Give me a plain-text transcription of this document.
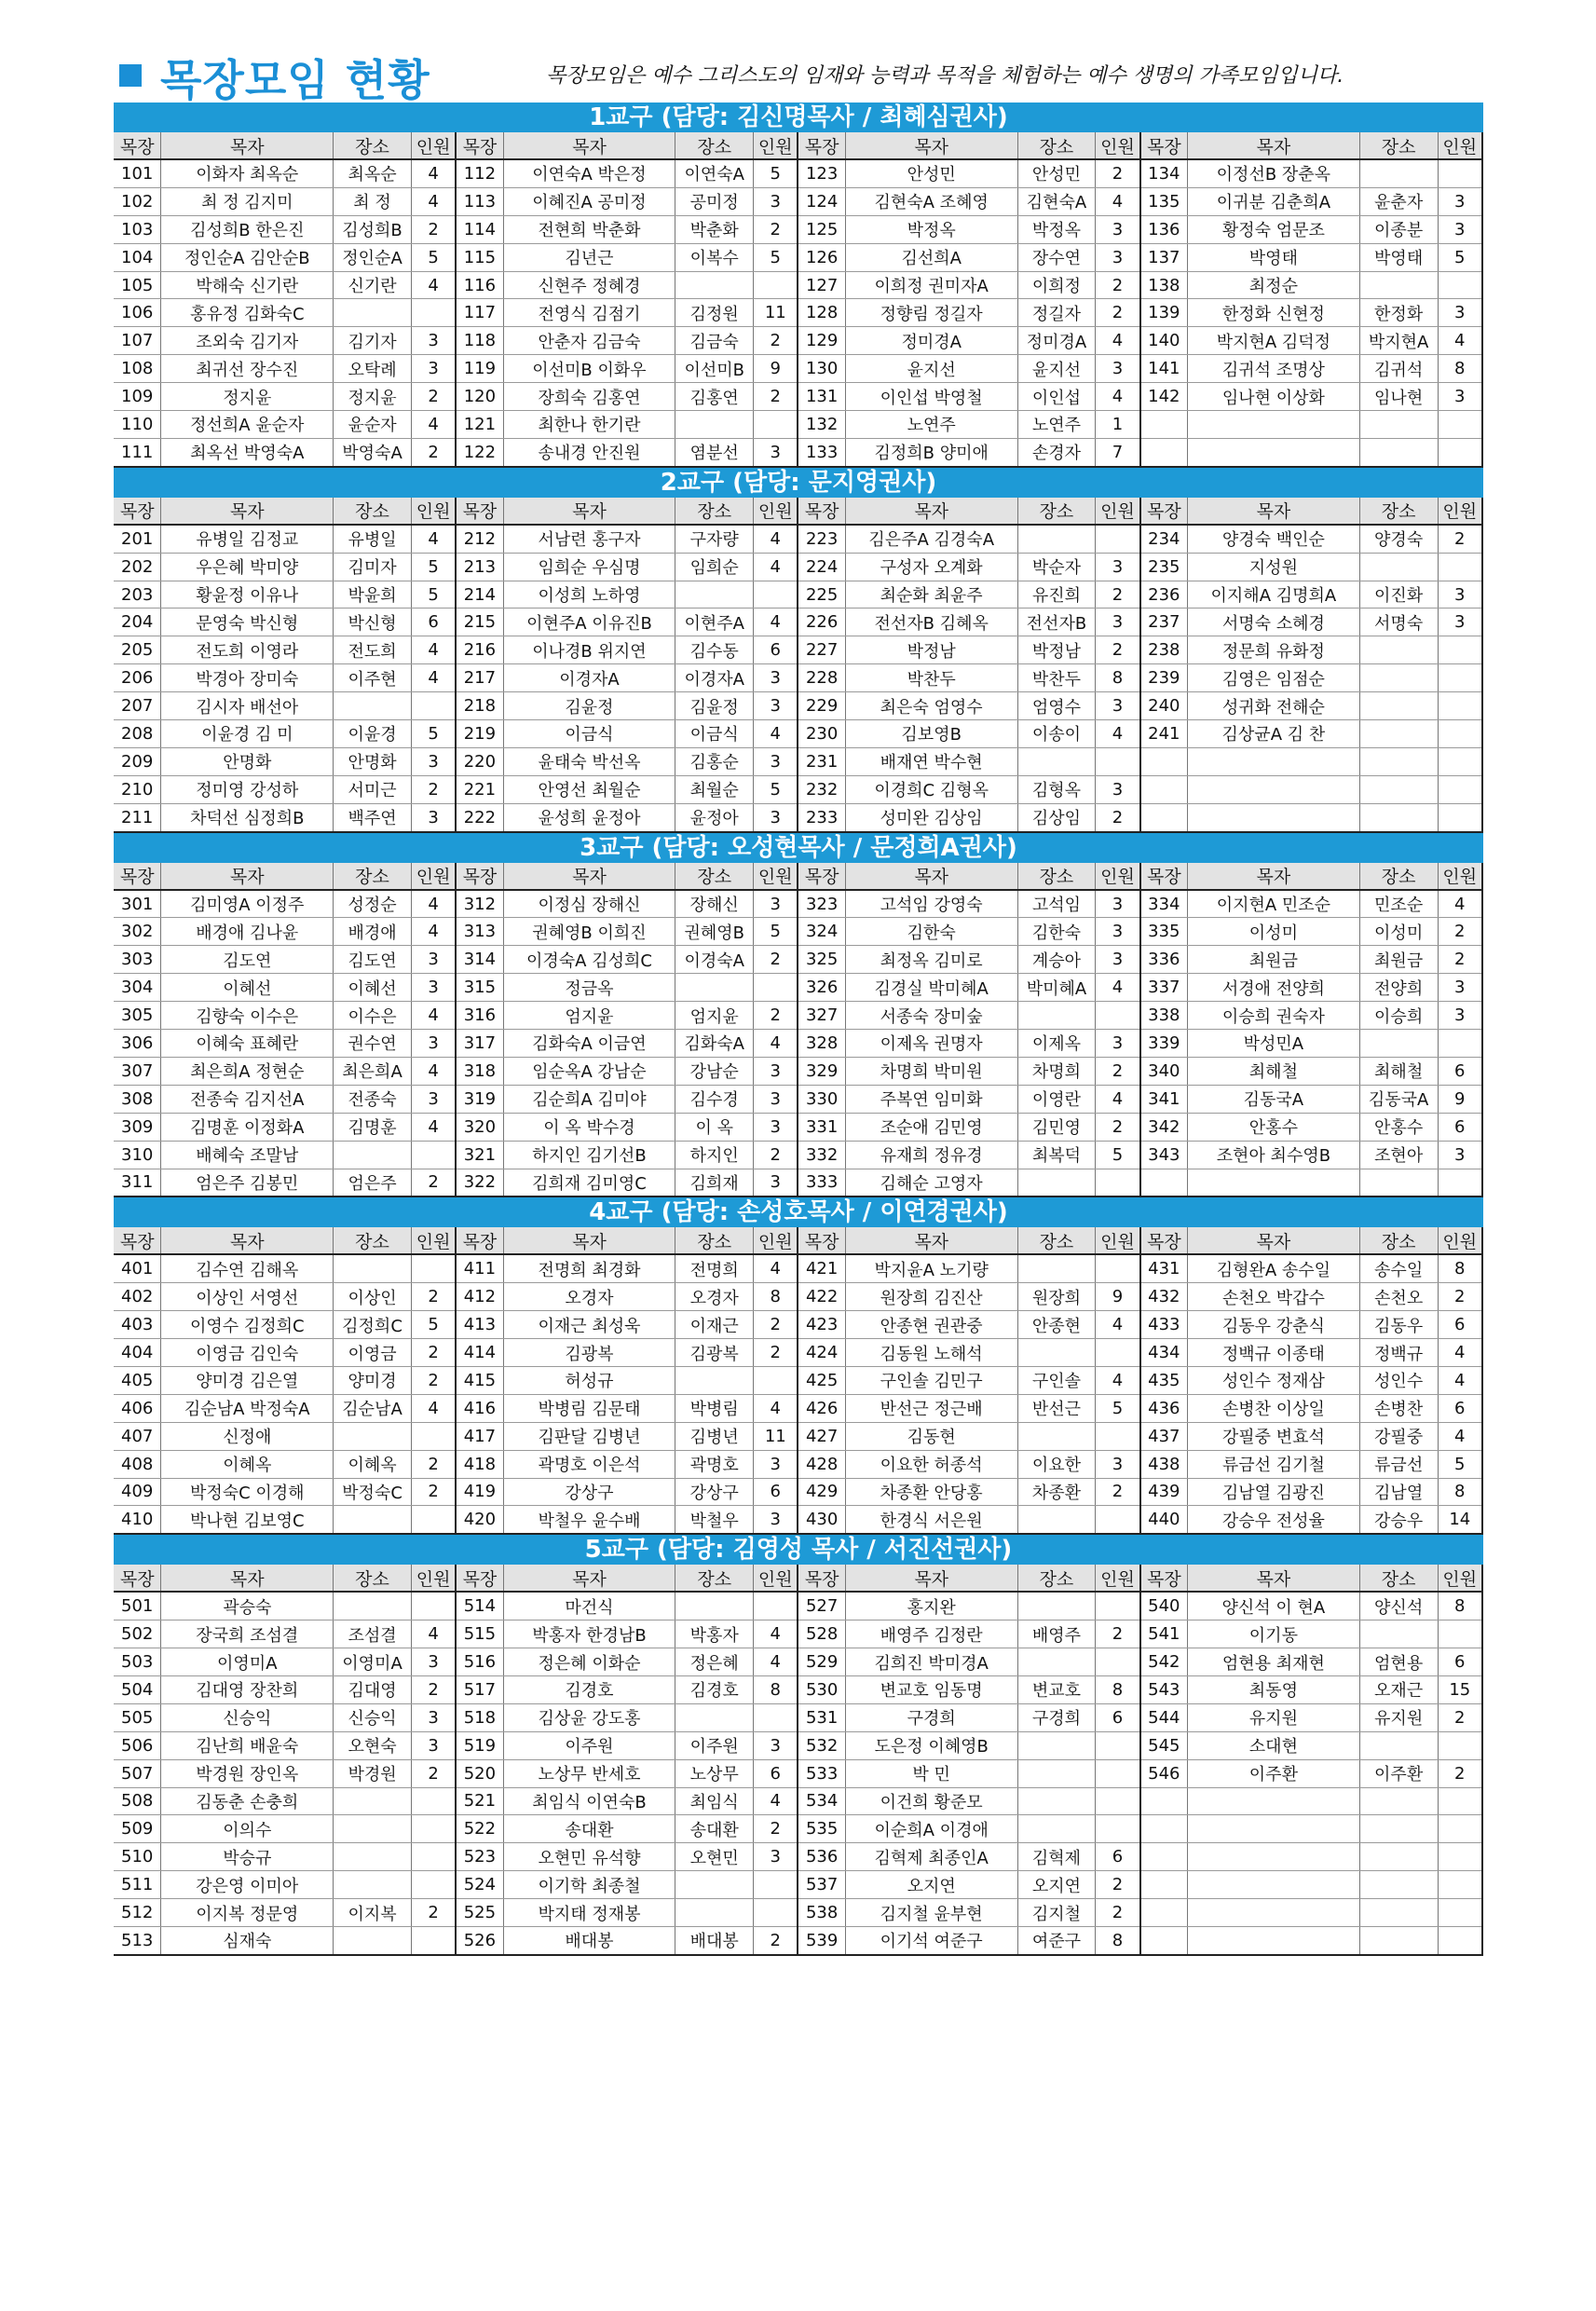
목장모임 현황	목장모임은 예수 그리스도의 임재와 능력과 목적을 체험하는 예수 생명의 가족모임입니다.
1교구 (담당: 김신명목사 / 최혜심권사)
목장	목자	장소	인원	목장	목자	장소	인원	목장	목자	장소	인원	목장	목자	장소	인원
101	이화자 최옥순	최옥순	4	112	이연숙A 박은정	이연숙A	5	123	안성민	안성민	2	134	이정선B 장춘옥		
102	최 정 김지미	최 정	4	113	이혜진A 공미정	공미정	3	124	김현숙A 조혜영	김현숙A	4	135	이귀분 김춘희A	윤춘자	3
103	김성희B 한은진	김성희B	2	114	전현희 박춘화	박춘화	2	125	박정옥	박정옥	3	136	황정숙 엄문조	이종분	3
104	정인순A 김안순B	정인순A	5	115	김년근	이복수	5	126	김선희A	장수연	3	137	박영태	박영태	5
105	박해숙 신기란	신기란	4	116	신현주 정혜경			127	이희정 권미자A	이희정	2	138	최정순		
106	홍유정 김화숙C			117	전영식 김점기	김정원	11	128	정향림 정길자	정길자	2	139	한정화 신현정	한정화	3
107	조외숙 김기자	김기자	3	118	안춘자 김금숙	김금숙	2	129	정미경A	정미경A	4	140	박지현A 김덕정	박지현A	4
108	최귀선 장수진	오탁례	3	119	이선미B 이화우	이선미B	9	130	윤지선	윤지선	3	141	김귀석 조명상	김귀석	8
109	정지윤	정지윤	2	120	장희숙 김홍연	김홍연	2	131	이인섭 박영철	이인섭	4	142	임나현 이상화	임나현	3
110	정선희A 윤순자	윤순자	4	121	최한나 한기란			132	노연주	노연주	1				
111	최옥선 박영숙A	박영숙A	2	122	송내경 안진원	염분선	3	133	김정희B 양미애	손경자	7				
2교구 (담당: 문지영권사)
목장	목자	장소	인원	목장	목자	장소	인원	목장	목자	장소	인원	목장	목자	장소	인원
201	유병일 김정교	유병일	4	212	서남련 홍구자	구자량	4	223	김은주A 김경숙A			234	양경숙 백인순	양경숙	2
202	우은혜 박미양	김미자	5	213	임희순 우심명	임희순	4	224	구성자 오계화	박순자	3	235	지성원		
203	황윤정 이유나	박윤희	5	214	이성희 노하영			225	최순화 최윤주	유진희	2	236	이지해A 김명희A	이진화	3
204	문영숙 박신형	박신형	6	215	이현주A 이유진B	이현주A	4	226	전선자B 김혜옥	전선자B	3	237	서명숙 소혜경	서명숙	3
205	전도희 이영라	전도희	4	216	이나경B 위지연	김수동	6	227	박정남	박정남	2	238	정문희 유화정		
206	박경아 장미숙	이주현	4	217	이경자A	이경자A	3	228	박찬두	박찬두	8	239	김영은 임점순		
207	김시자 배선아			218	김윤정	김윤정	3	229	최은숙 엄영수	엄영수	3	240	성귀화 전해순		
208	이윤경 김 미	이윤경	5	219	이금식	이금식	4	230	김보영B	이송이	4	241	김상균A 김 찬		
209	안명화	안명화	3	220	윤태숙 박선옥	김홍순	3	231	배재연 박수현						
210	정미영 강성하	서미근	2	221	안영선 최월순	최월순	5	232	이경희C 김형옥	김형옥	3				
211	차덕선 심정희B	백주연	3	222	윤성희 윤정아	윤정아	3	233	성미완 김상임	김상임	2				
3교구 (담당: 오성현목사 / 문정희A권사)
목장	목자	장소	인원	목장	목자	장소	인원	목장	목자	장소	인원	목장	목자	장소	인원
301	김미영A 이정주	성정순	4	312	이정심 장해신	장해신	3	323	고석임 강영숙	고석임	3	334	이지현A 민조순	민조순	4
302	배경애 김나윤	배경애	4	313	권혜영B 이희진	권혜영B	5	324	김한숙	김한숙	3	335	이성미	이성미	2
303	김도연	김도연	3	314	이경숙A 김성희C	이경숙A	2	325	최정옥 김미로	계승아	3	336	최원금	최원금	2
304	이혜선	이혜선	3	315	정금옥			326	김경실 박미혜A	박미혜A	4	337	서경애 전양희	전양희	3
305	김향숙 이수은	이수은	4	316	엄지윤	엄지윤	2	327	서종숙 장미숲			338	이승희 권숙자	이승희	3
306	이혜숙 표혜란	권수연	3	317	김화숙A 이금연	김화숙A	4	328	이제옥 권명자	이제옥	3	339	박성민A		
307	최은희A 정현순	최은희A	4	318	임순옥A 강남순	강남순	3	329	차명희 박미원	차명희	2	340	최해철	최해철	6
308	전종숙 김지선A	전종숙	3	319	김순희A 김미야	김수경	3	330	주복연 임미화	이영란	4	341	김동국A	김동국A	9
309	김명훈 이정화A	김명훈	4	320	이 옥 박수경	이 옥	3	331	조순애 김민영	김민영	2	342	안홍수	안홍수	6
310	배혜숙 조말남			321	하지인 김기선B	하지인	2	332	유재희 정유경	최복덕	5	343	조현아 최수영B	조현아	3
311	엄은주 김봉민	엄은주	2	322	김희재 김미영C	김희재	3	333	김해순 고영자						
4교구 (담당: 손성호목사 / 이연경권사)
목장	목자	장소	인원	목장	목자	장소	인원	목장	목자	장소	인원	목장	목자	장소	인원
401	김수연 김해옥			411	전명희 최경화	전명희	4	421	박지윤A 노기량			431	김형완A 송수일	송수일	8
402	이상인 서영선	이상인	2	412	오경자	오경자	8	422	원장희 김진산	원장희	9	432	손천오 박갑수	손천오	2
403	이영수 김정희C	김정희C	5	413	이재근 최성욱	이재근	2	423	안종현 권관중	안종현	4	433	김동우 강춘식	김동우	6
404	이영금 김인숙	이영금	2	414	김광복	김광복	2	424	김동원 노해석			434	정백규 이종태	정백규	4
405	양미경 김은열	양미경	2	415	허성규			425	구인솔 김민구	구인솔	4	435	성인수 정재삼	성인수	4
406	김순남A 박정숙A	김순남A	4	416	박병림 김문태	박병림	4	426	반선근 정근배	반선근	5	436	손병찬 이상일	손병찬	6
407	신정애			417	김판달 김병년	김병년	11	427	김동현			437	강필중 변효석	강필중	4
408	이혜옥	이혜옥	2	418	곽명호 이은석	곽명호	3	428	이요한 허종석	이요한	3	438	류금선 김기철	류금선	5
409	박정숙C 이경해	박정숙C	2	419	강상구	강상구	6	429	차종환 안당홍	차종환	2	439	김남열 김광진	김남열	8
410	박나현 김보영C			420	박철우 윤수배	박철우	3	430	한경식 서은원			440	강승우 전성율	강승우	14
5교구 (담당: 김영성 목사 / 서진선권사)
목장	목자	장소	인원	목장	목자	장소	인원	목장	목자	장소	인원	목장	목자	장소	인원
501	곽승숙			514	마건식			527	홍지완			540	양신석 이 현A	양신석	8
502	장국희 조섬결	조섬결	4	515	박홍자 한경남B	박홍자	4	528	배영주 김정란	배영주	2	541	이기동		
503	이영미A	이영미A	3	516	정은혜 이화순	정은혜	4	529	김희진 박미경A			542	엄현용 최재현	엄현용	6
504	김대영 장찬희	김대영	2	517	김경호	김경호	8	530	변교호 임동명	변교호	8	543	최동영	오재근	15
505	신승익	신승익	3	518	김상윤 강도홍			531	구경희	구경희	6	544	유지원	유지원	2
506	김난희 배윤숙	오현숙	3	519	이주원	이주원	3	532	도은정 이혜영B			545	소대현		
507	박경원 장인옥	박경원	2	520	노상무 반세호	노상무	6	533	박 민			546	이주환	이주환	2
508	김동춘 손충희			521	최임식 이연숙B	최임식	4	534	이건희 황준모						
509	이의수			522	송대환	송대환	2	535	이순희A 이경애						
510	박승규			523	오현민 유석향	오현민	3	536	김혁제 최종인A	김혁제	6				
511	강은영 이미아			524	이기학 최종철			537	오지연	오지연	2				
512	이지복 정문영	이지복	2	525	박지태 정재봉			538	김지철 윤부현	김지철	2				
513	심재숙			526	배대봉	배대봉	2	539	이기석 여준구	여준구	8				
